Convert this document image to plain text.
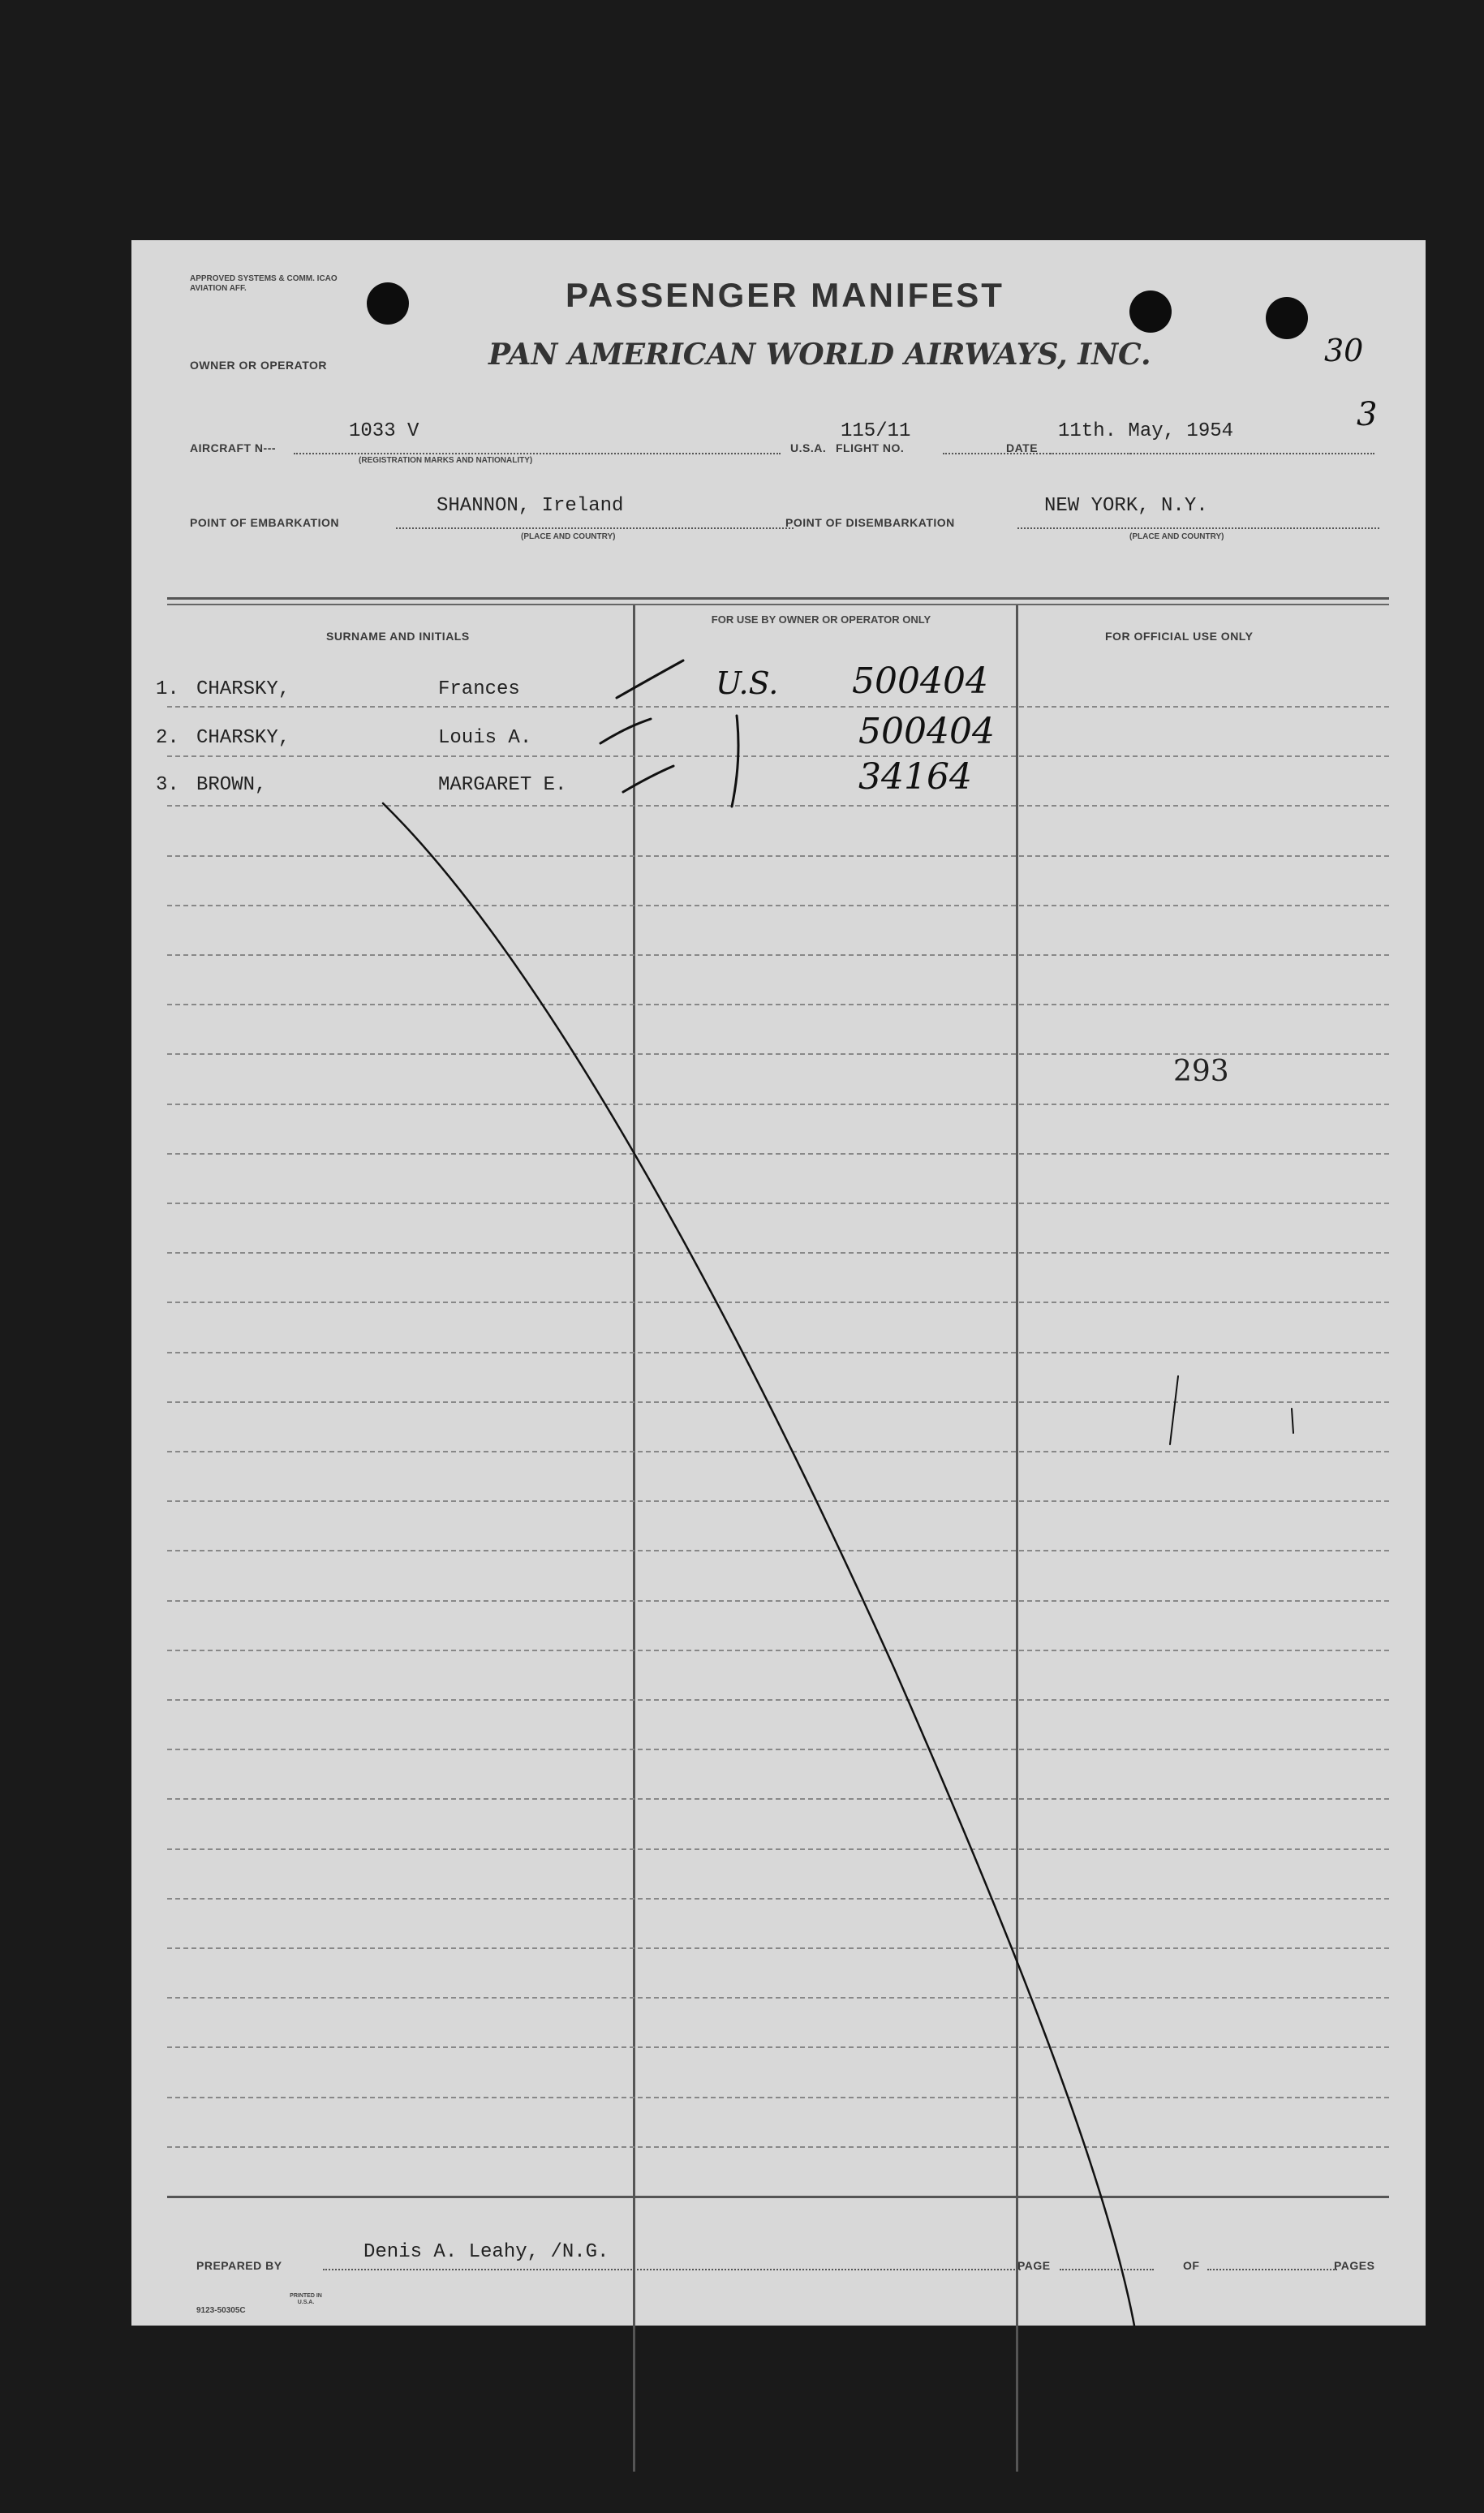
APPROVED SYSTEMS & COMM. ICAO AVIATION AFF.	PASSENGER MANIFEST
OWNER OR OPERATOR	PAN AMERICAN WORLD AIRWAYS, INC.	30
3
AIRCRAFT N---
1033 V
(REGISTRATION MARKS AND NATIONALITY)
U.S.A. FLIGHT NO.
115/11
DATE
11th. May, 1954
POINT OF EMBARKATION
SHANNON, Ireland
(PLACE AND COUNTRY)
POINT OF DISEMBARKATION
NEW YORK, N.Y.
(PLACE AND COUNTRY)
SURNAME AND INITIALS
FOR USE BY OWNER OR OPERATOR ONLY
FOR OFFICIAL USE ONLY
1. CHARSKY,	Frances	U.S. 500404
2. CHARSKY,	Louis A.	500404
3. BROWN,	MARGARET E.	34164
293
PREPARED BY
Denis A. Leahy, /N.G.
PAGE	OF	PAGES
9123-50305C
PRINTED IN U.S.A.
